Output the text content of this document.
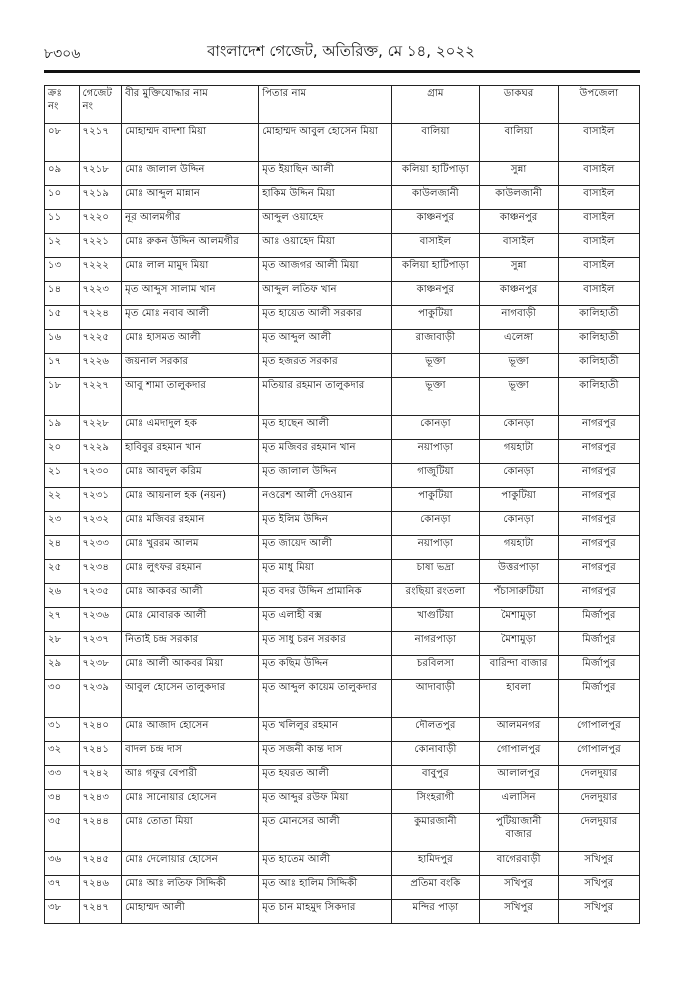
৮৩০৬	বাংলাদেশ গেজেট, অতিরিক্ত, মে ১৪, ২০২২
ক্রঃ নং	গেজেট নং	বীর মুক্তিযোদ্ধার নাম	পিতার নাম	গ্রাম	ডাকঘর	উপজেলা
০৮	৭২১৭	মোহাম্মদ বাদশা মিয়া	মোহাম্মদ আবুল হোসেন মিয়া	বালিয়া	বালিয়া	বাসাইল
০৯	৭২১৮	মোঃ জালাল উদ্দিন	মৃত ইয়াছিন আলী	কলিয়া হাটিপাড়া	সুন্না	বাসাইল
১০	৭২১৯	মোঃ আব্দুল মান্নান	হাকিম উদ্দিন মিয়া	কাউলজানী	কাউলজানী	বাসাইল
১১	৭২২০	নূর আলমগীর	আব্দুল ওয়াহেদ	কাঞ্চনপুর	কাঞ্চনপুর	বাসাইল
১২	৭২২১	মোঃ রুকন উদ্দিন আলমগীর	আঃ ওয়াহেদ মিয়া	বাসাইল	বাসাইল	বাসাইল
১৩	৭২২২	মোঃ লাল মামুদ মিয়া	মৃত আজগর আলী মিয়া	কলিয়া হাটিপাড়া	সুন্না	বাসাইল
১৪	৭২২৩	মৃত আব্দুস সালাম খান	আব্দুল লতিফ খান	কাঞ্চনপুর	কাঞ্চনপুর	বাসাইল
১৫	৭২২৪	মৃত মোঃ নবাব আলী	মৃত হায়েত আলী সরকার	পাকুটিয়া	নাগবাড়ী	কালিহাতী
১৬	৭২২৫	মোঃ হাসমত আলী	মৃত আব্দুল আলী	রাজাবাড়ী	এলেঙ্গা	কালিহাতী
১৭	৭২২৬	জয়নাল সরকার	মৃত হজরত সরকার	ভূক্তা	ভূক্তা	কালিহাতী
১৮	৭২২৭	আবু শামা তালুকদার	মতিয়ার রহমান তালুকদার	ভূক্তা	ভূক্তা	কালিহাতী
১৯	৭২২৮	মোঃ এমদাদুল হক	মৃত হাছেন আলী	কোনড়া	কোনড়া	নাগরপুর
২০	৭২২৯	হাবিবুর রহমান খান	মৃত মজিবর রহমান খান	নয়াপাড়া	গয়হাটা	নাগরপুর
২১	৭২৩০	মোঃ আবদুল করিম	মৃত জালাল উদ্দিন	গাজুটিয়া	কোনড়া	নাগরপুর
২২	৭২৩১	মোঃ আয়নাল হক (নয়ন)	নওরেশ আলী দেওয়ান	পাকুটিয়া	পাকুটিয়া	নাগরপুর
২৩	৭২৩২	মোঃ মজিবর রহমান	মৃত ইলিম উদ্দিন	কোনড়া	কোনড়া	নাগরপুর
২৪	৭২৩৩	মোঃ খুররম আলম	মৃত জায়েদ আলী	নয়াপাড়া	গয়হাটা	নাগরপুর
২৫	৭২৩৪	মোঃ লুৎফর রহমান	মৃত মাধু মিয়া	চাষা ভদ্রা	উত্তরপাড়া	নাগরপুর
২৬	৭২৩৫	মোঃ আকবর আলী	মৃত বদর উদ্দিন প্রামানিক	রংছিয়া রংতলা	পঁচাসারুটিয়া	নাগরপুর
২৭	৭২৩৬	মোঃ মোবারক আলী	মৃত এলাহী বক্স	খাগুটিয়া	মৈশামুড়া	মির্জাপুর
২৮	৭২৩৭	নিতাই চন্দ্র সরকার	মৃত সাধু চরন সরকার	নাগরপাড়া	মৈশামুড়া	মির্জাপুর
২৯	৭২৩৮	মোঃ আলী আকবর মিয়া	মৃত কছিম উদ্দিন	চরবিলসা	বারিন্দা বাজার	মির্জাপুর
৩০	৭২৩৯	আবুল হোসেন তালুকদার	মৃত আব্দুল কায়েম তালুকদার	আদাবাড়ী	হাবলা	মির্জাপুর
৩১	৭২৪০	মোঃ আজাদ হোসেন	মৃত খলিলুর রহমান	দৌলতপুর	আলমনগর	গোপালপুর
৩২	৭২৪১	বাদল চন্দ্র দাস	মৃত সজনী কান্ত দাস	কোনাবাড়ী	গোপালপুর	গোপালপুর
৩৩	৭২৪২	আঃ গফুর বেপারী	মৃত হযরত আলী	বাবুপুর	আলালপুর	দেলদুয়ার
৩৪	৭২৪৩	মোঃ সানোয়ার হোসেন	মৃত আব্দুর রউফ মিয়া	সিংহরাগী	এলাসিন	দেলদুয়ার
৩৫	৭২৪৪	মোঃ তোতা মিয়া	মৃত মোনসের আলী	কুমারজানী	পুটিয়াজানী বাজার	দেলদুয়ার
৩৬	৭২৪৫	মোঃ দেলোয়ার হোসেন	মৃত হাতেম আলী	হামিদপুর	বাগেরবাড়ী	সখিপুর
৩৭	৭২৪৬	মোঃ আঃ লতিফ সিদ্দিকী	মৃত আঃ হালিম সিদ্দিকী	প্রতিমা বংকি	সখিপুর	সখিপুর
৩৮	৭২৪৭	মোহাম্মদ আলী	মৃত চান মাহমুদ সিকদার	মন্দির পাড়া	সখিপুর	সখিপুর
